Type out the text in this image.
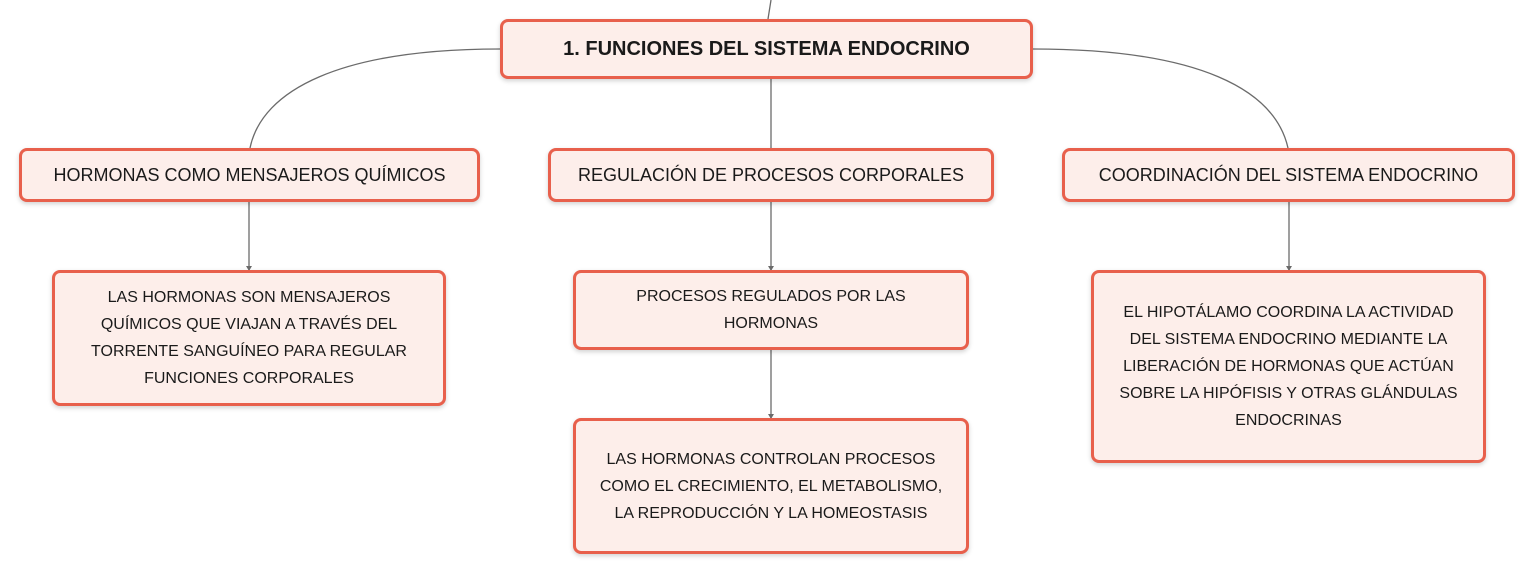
1. FUNCIONES DEL SISTEMA ENDOCRINO
HORMONAS COMO MENSAJEROS QUÍMICOS	REGULACIÓN DE PROCESOS CORPORALES	COORDINACIÓN DEL SISTEMA ENDOCRINO
LAS HORMONAS SON MENSAJEROS QUÍMICOS QUE VIAJAN A TRAVÉS DEL TORRENTE SANGUÍNEO PARA REGULAR FUNCIONES CORPORALES
PROCESOS REGULADOS POR LAS HORMONAS
LAS HORMONAS CONTROLAN PROCESOS COMO EL CRECIMIENTO, EL METABOLISMO, LA REPRODUCCIÓN Y LA HOMEOSTASIS
EL HIPOTÁLAMO COORDINA LA ACTIVIDAD DEL SISTEMA ENDOCRINO MEDIANTE LA LIBERACIÓN DE HORMONAS QUE ACTÚAN SOBRE LA HIPÓFISIS Y OTRAS GLÁNDULAS ENDOCRINAS
